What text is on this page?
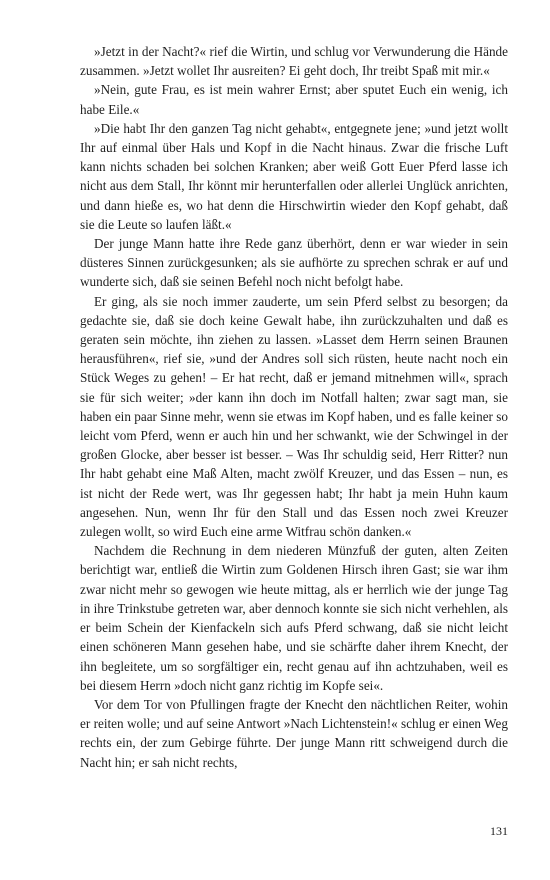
»Jetzt in der Nacht?« rief die Wirtin, und schlug vor Verwunderung die Hände zusammen. »Jetzt wollet Ihr ausreiten? Ei geht doch, Ihr treibt Spaß mit mir.«

»Nein, gute Frau, es ist mein wahrer Ernst; aber sputet Euch ein wenig, ich habe Eile.«

»Die habt Ihr den ganzen Tag nicht gehabt«, entgegnete jene; »und jetzt wollt Ihr auf einmal über Hals und Kopf in die Nacht hinaus. Zwar die frische Luft kann nichts schaden bei solchen Kranken; aber weiß Gott Euer Pferd lasse ich nicht aus dem Stall, Ihr könnt mir herunterfallen oder allerlei Unglück anrichten, und dann hieße es, wo hat denn die Hirschwirtin wieder den Kopf gehabt, daß sie die Leute so laufen läßt.«

Der junge Mann hatte ihre Rede ganz überhört, denn er war wieder in sein düsteres Sinnen zurückgesunken; als sie aufhörte zu sprechen schrak er auf und wunderte sich, daß sie seinen Befehl noch nicht befolgt habe.

Er ging, als sie noch immer zauderte, um sein Pferd selbst zu besorgen; da gedachte sie, daß sie doch keine Gewalt habe, ihn zurückzuhalten und daß es geraten sein möchte, ihn ziehen zu lassen. »Lasset dem Herrn seinen Braunen herausführen«, rief sie, »und der Andres soll sich rüsten, heute nacht noch ein Stück Weges zu gehen! – Er hat recht, daß er jemand mitnehmen will«, sprach sie für sich weiter; »der kann ihn doch im Notfall halten; zwar sagt man, sie haben ein paar Sinne mehr, wenn sie etwas im Kopf haben, und es falle keiner so leicht vom Pferd, wenn er auch hin und her schwankt, wie der Schwingel in der großen Glocke, aber besser ist besser. – Was Ihr schuldig seid, Herr Ritter? nun Ihr habt gehabt eine Maß Alten, macht zwölf Kreuzer, und das Essen – nun, es ist nicht der Rede wert, was Ihr gegessen habt; Ihr habt ja mein Huhn kaum angesehen. Nun, wenn Ihr für den Stall und das Essen noch zwei Kreuzer zulegen wollt, so wird Euch eine arme Witfrau schön danken.«

Nachdem die Rechnung in dem niederen Münzfuß der guten, alten Zeiten berichtigt war, entließ die Wirtin zum Goldenen Hirsch ihren Gast; sie war ihm zwar nicht mehr so gewogen wie heute mittag, als er herrlich wie der junge Tag in ihre Trinkstube getreten war, aber dennoch konnte sie sich nicht verhehlen, als er beim Schein der Kienfackeln sich aufs Pferd schwang, daß sie nicht leicht einen schöneren Mann gesehen habe, und sie schärfte daher ihrem Knecht, der ihn begleitete, um so sorgfältiger ein, recht genau auf ihn achtzuhaben, weil es bei diesem Herrn »doch nicht ganz richtig im Kopfe sei«.

Vor dem Tor von Pfullingen fragte der Knecht den nächtlichen Reiter, wohin er reiten wolle; und auf seine Antwort »Nach Lichtenstein!« schlug er einen Weg rechts ein, der zum Gebirge führte. Der junge Mann ritt schweigend durch die Nacht hin; er sah nicht rechts,

131
